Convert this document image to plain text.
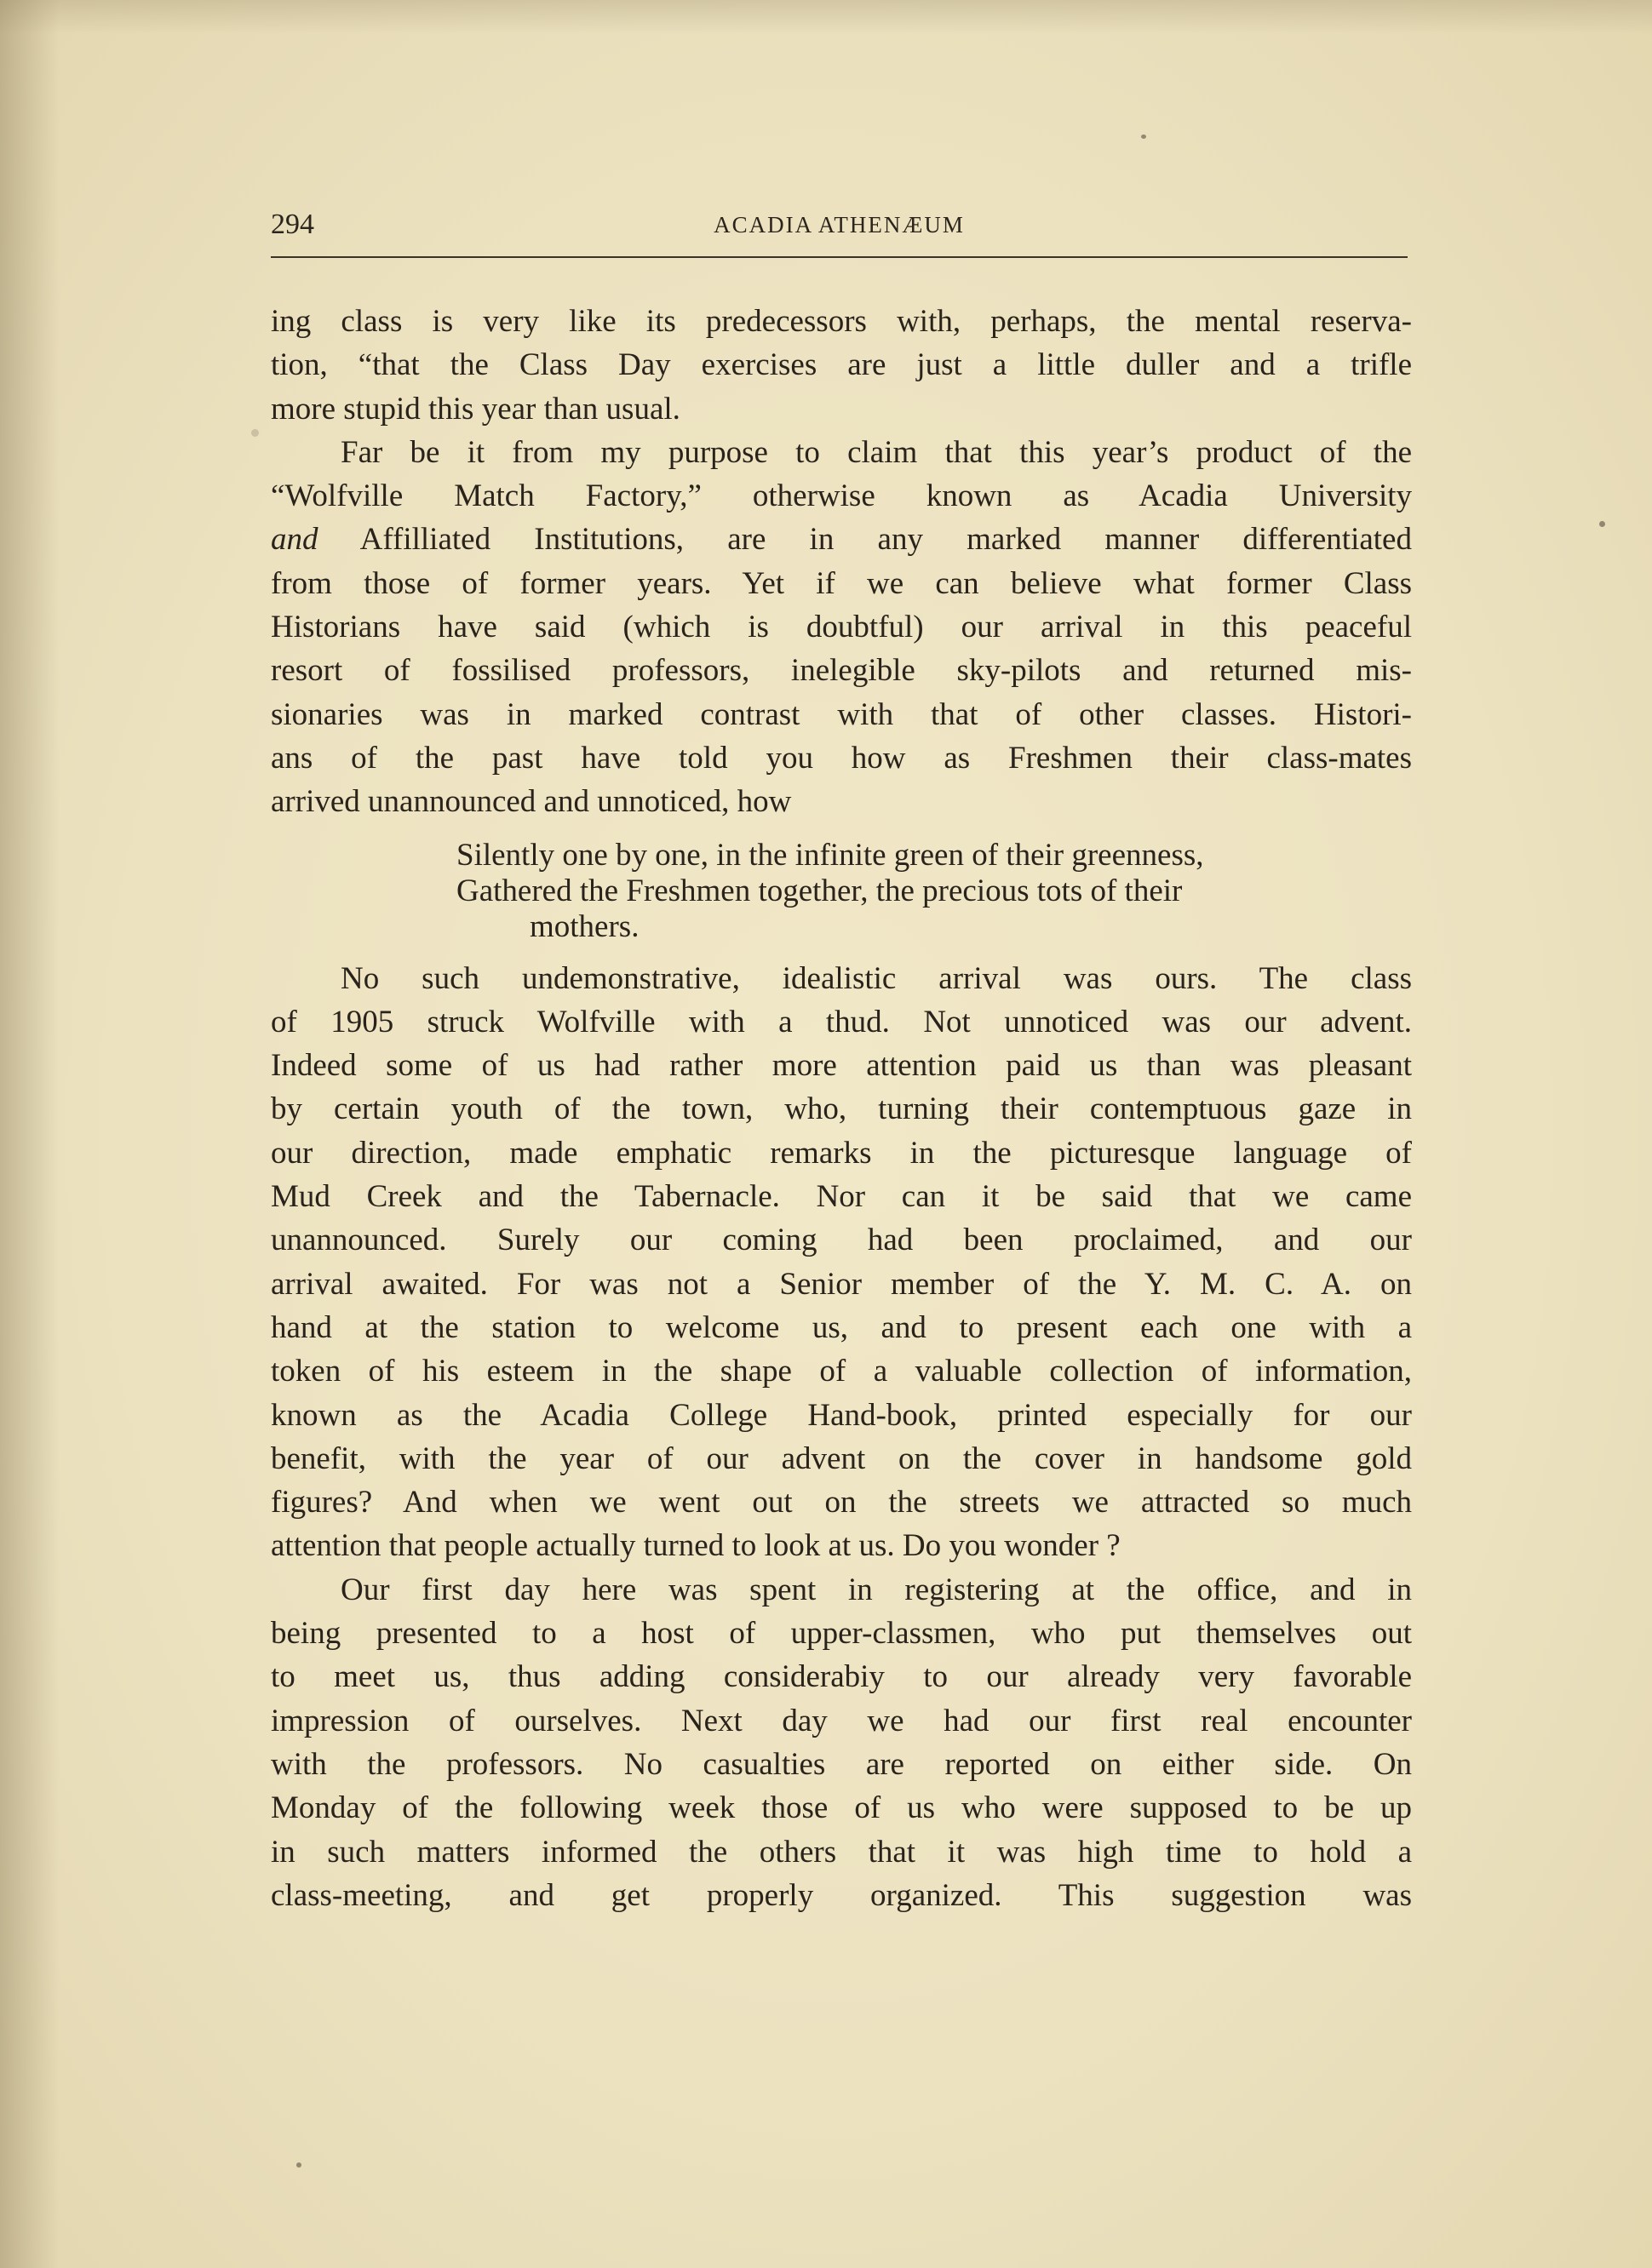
294	ACADIA ATHENÆUM

ing class is very like its predecessors with, perhaps, the mental reserva-
tion, “that the Class Day exercises are just a little duller and a trifle
more stupid this year than usual.

Far be it from my purpose to claim that this year’s product of the
“Wolfville Match Factory,” otherwise known as Acadia University
and Affilliated Institutions, are in any marked manner differentiated
from those of former years. Yet if we can believe what former Class
Historians have said (which is doubtful) our arrival in this peaceful
resort of fossilised professors, inelegible sky-pilots and returned mis-
sionaries was in marked contrast with that of other classes. Histori-
ans of the past have told you how as Freshmen their class-mates
arrived unannounced and unnoticed, how

Silently one by one, in the infinite green of their greenness,

Gathered the Freshmen together, the precious tots of their mothers.

No such undemonstrative, idealistic arrival was ours. The class
of 1905 struck Wolfville with a thud. Not unnoticed was our advent.
Indeed some of us had rather more attention paid us than was pleasant
by certain youth of the town, who, turning their contemptuous gaze in
our direction, made emphatic remarks in the picturesque language of
Mud Creek and the Tabernacle. Nor can it be said that we came
unannounced. Surely our coming had been proclaimed, and our
arrival awaited. For was not a Senior member of the Y. M. C. A. on
hand at the station to welcome us, and to present each one with a
token of his esteem in the shape of a valuable collection of information,
known as the Acadia College Hand-book, printed especially for our
benefit, with the year of our advent on the cover in handsome gold
figures? And when we went out on the streets we attracted so much
attention that people actually turned to look at us. Do you wonder ?

Our first day here was spent in registering at the office, and in
being presented to a host of upper-classmen, who put themselves out
to meet us, thus adding considerabiy to our already very favorable
impression of ourselves. Next day we had our first real encounter
with the professors. No casualties are reported on either side. On
Monday of the following week those of us who were supposed to be up
in such matters informed the others that it was high time to hold a
class-meeting, and get properly organized. This suggestion was
